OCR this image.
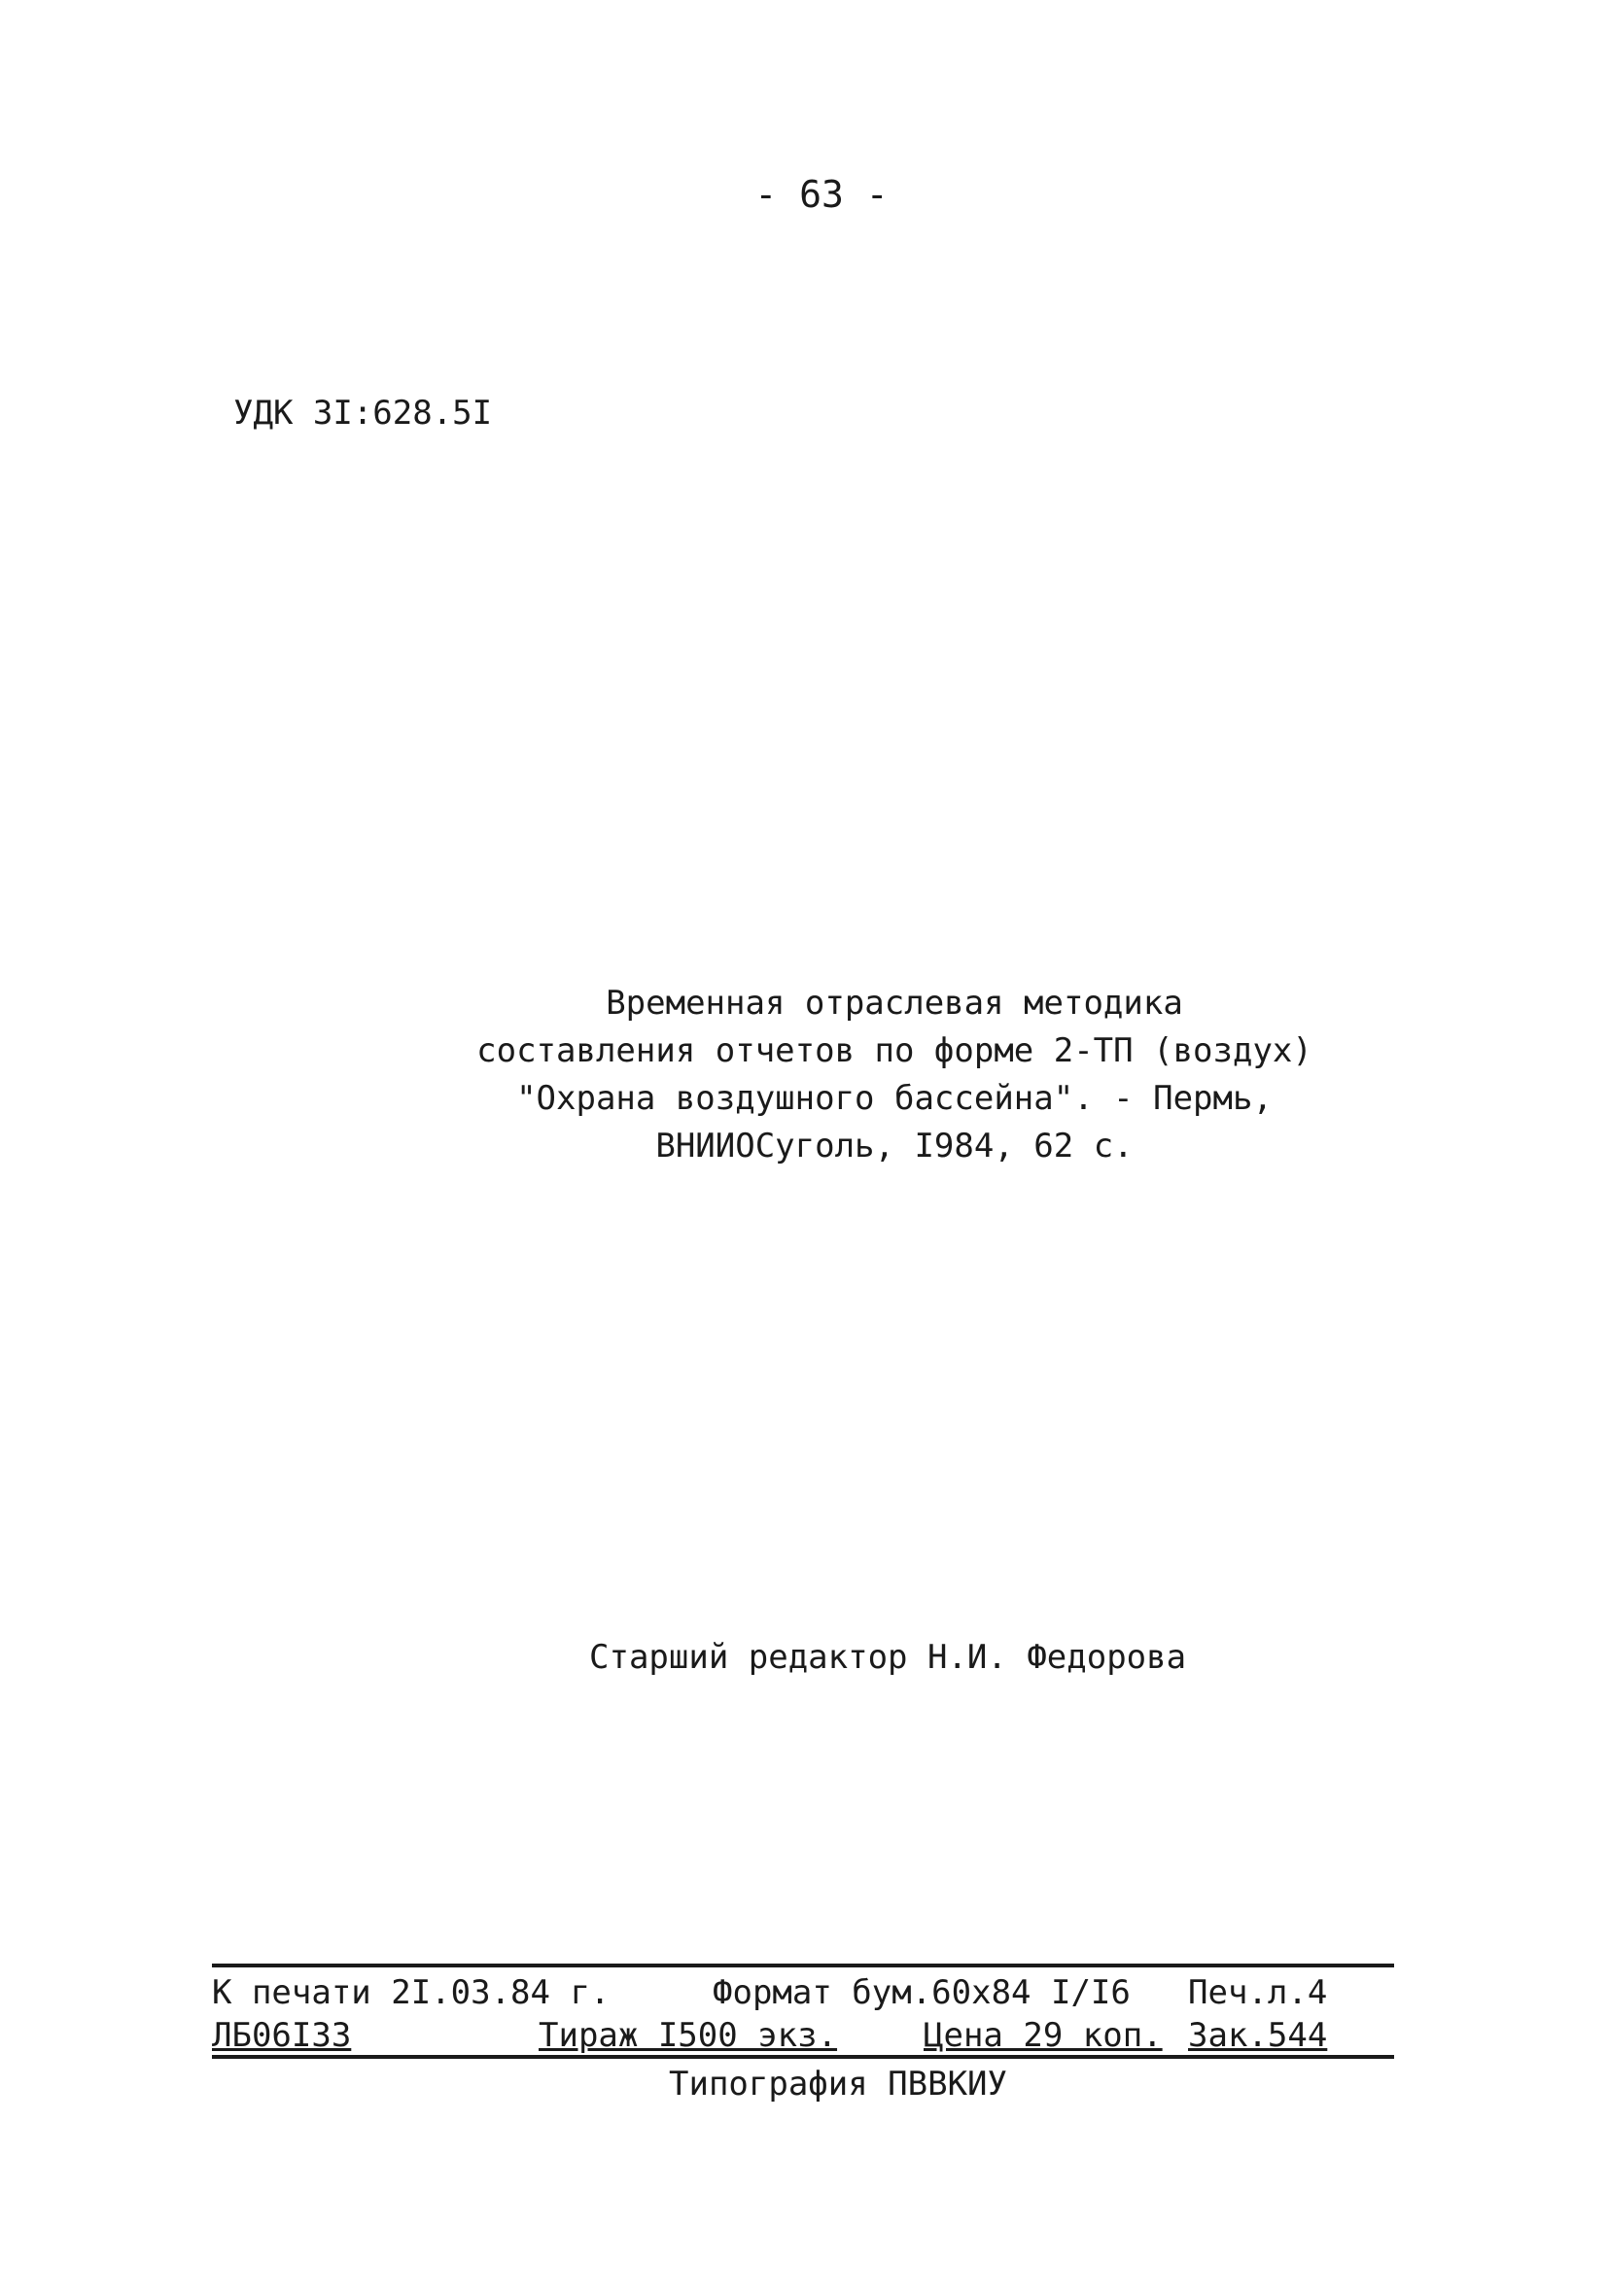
- 63 -
УДК 3I:628.5I
Временная отраслевая методика
составления отчетов по форме 2-ТП (воздух)
"Охрана воздушного бассейна". - Пермь,
ВНИИОСуголь, I984, 62 с.
Старший редактор Н.И. Федорова
К печати 2I.03.84 г.	Формат бум.60x84 I/I6 Печ.л.4
ЛБ06I33	Тираж I500 экз.	Цена 29 коп. Зак.544
Типография ПВВКИУ
